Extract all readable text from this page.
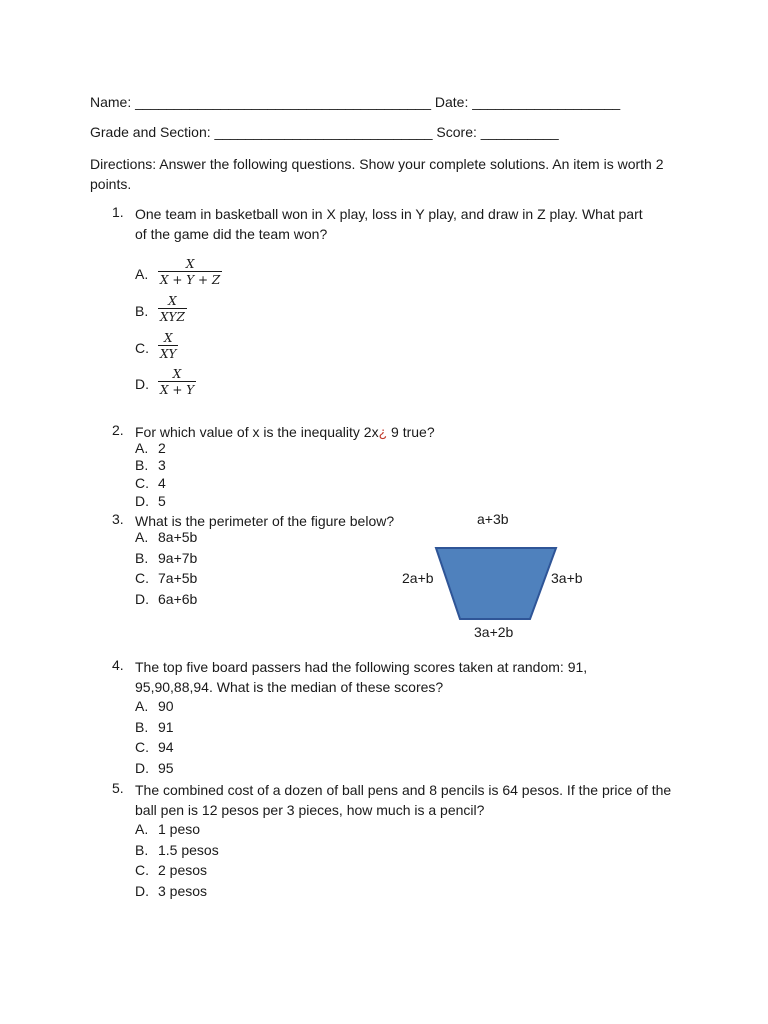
Name: ______________________________________ Date: ___________________
Grade and Section: ____________________________ Score: __________
Directions: Answer the following questions. Show your complete solutions. An item is worth 2 points.
1. One team in basketball won in X play, loss in Y play, and draw in Z play. What part of the game did the team won?
A. $\frac{X}{X + Y + Z}$
B.
X
XYZ
C. $\frac{X}{XY}$
D. $\frac{X}{X + Y}$
2. For which value of x is the inequality 2x¿ 9 true?
A. 2
B. 3
C. 4
D. 5
3. What is the perimeter of the figure below?
A. 8a+5b
B. 9a+7b
C. 7a+5b
D. 6a+6b
a+3b
2a+b	3a+b
3a+2b
4. The top five board passers had the following scores taken at random: 91, 95,90,88,94. What is the median of these scores?
A. 90
B. 91
C. 94
D. 95
5. The combined cost of a dozen of ball pens and 8 pencils is 64 pesos. If the price of the ball pen is 12 pesos per 3 pieces, how much is a pencil?
A. 1 peso
B. 1.5 pesos
C. 2 pesos
D. 3 pesos
